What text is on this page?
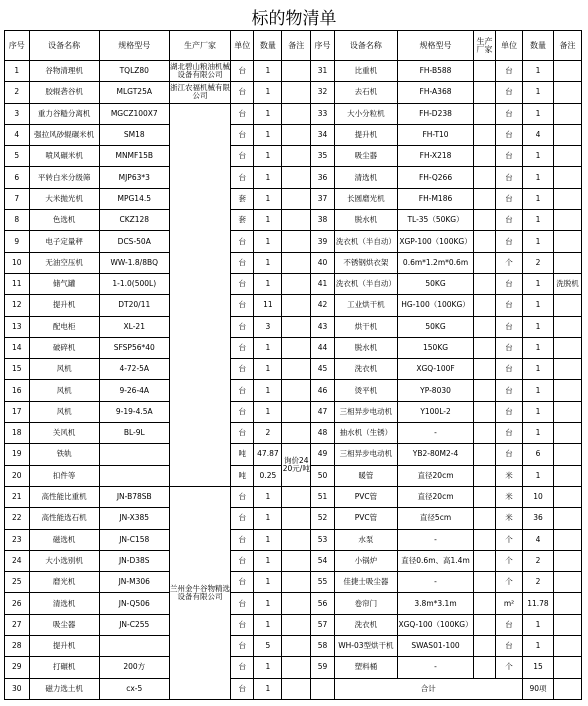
标的物清单
序号	设备名称	规格型号	生产厂家	单位	数量	备注	序号	设备名称	规格型号	生产厂家	单位	数量	备注
1	谷物清理机	TQLZ80	湖北碧山粮油机械设备有限公司	台	1		31	比重机	FH-B588		台	1	
2	胶辊砻谷机	MLGT25A	浙江农福机械有限公司	台	1		32	去石机	FH-A368		台	1	
3	重力谷糙分离机	MGCZ100X7		台	1		33	大小分粒机	FH-D238		台	1	
4	强拉风砂辊碾米机	SM18		台	1		34	提升机	FH-T10		台	4	
5	喷风碾米机	MNMF15B		台	1		35	吸尘器	FH-X218		台	1	
6	平转白米分级筛	MJP63*3		台	1		36	清选机	FH-Q266		台	1	
7	大米抛光机	MPG14.5		套	1		37	长圆磨光机	FH-M186		台	1	
8	色选机	CKZ128		套	1		38	脱水机	TL-35（50KG）		台	1	
9	电子定量秤	DCS-50A		台	1		39	洗衣机（半自动）	XGP-100（100KG）		台	1	
10	无油空压机	WW-1.8/8BQ		台	1		40	不锈钢烘衣架	0.6m*1.2m*0.6m		个	2	
11	储气罐	1-1.0(500L)		台	1		41	洗衣机（半自动）	50KG		台	1	洗脱机
12	提升机	DT20/11		台	11		42	工业烘干机	HG-100（100KG）		台	1	
13	配电柜	XL-21		台	3		43	烘干机	50KG		台	1	
14	破碎机	SFSP56*40		台	1		44	脱水机	150KG		台	1	
15	风机	4-72-5A		台	1		45	洗衣机	XGQ-100F		台	1	
16	风机	9-26-4A		台	1		46	烫平机	YP-8030		台	1	
17	风机	9-19-4.5A		台	1		47	三相异步电动机	Y100L-2		台	1	
18	关风机	BL-9L		台	2		48	抽水机（生锈）	-		台	1	
19	铁轨			吨	47.87	询价2420元/吨	49	三相异步电动机	YB2-80M2-4		台	6	
20	扣件等			吨	0.25		50	暖管	直径20cm		米	1	
21	高性能比重机	JN-B78SB	兰州金牛谷物精选设备有限公司	台	1		51	PVC管	直径20cm		米	10	
22	高性能选石机	JN-X385		台	1		52	PVC管	直径5cm		米	36	
23	磁选机	JN-C158		台	1		53	水泵	-		个	4	
24	大小选别机	JN-D38S		台	1		54	小锅炉	直径0.6m、高1.4m		个	2	
25	磨光机	JN-M306		台	1		55	佳捷士吸尘器	-		个	2	
26	清选机	JN-Q506		台	1		56	卷帘门	3.8m*3.1m		m²	11.78	
27	吸尘器	JN-C255		台	1		57	洗衣机	XGQ-100（100KG）		台	1	
28	提升机			台	5		58	WH-03型烘干机	SWAS01-100		台	1	
29	打碾机	200方		台	1		59	塑料桶	-		个	15	
30	磁力选土机	cx-5		台	1			合计				90项	
